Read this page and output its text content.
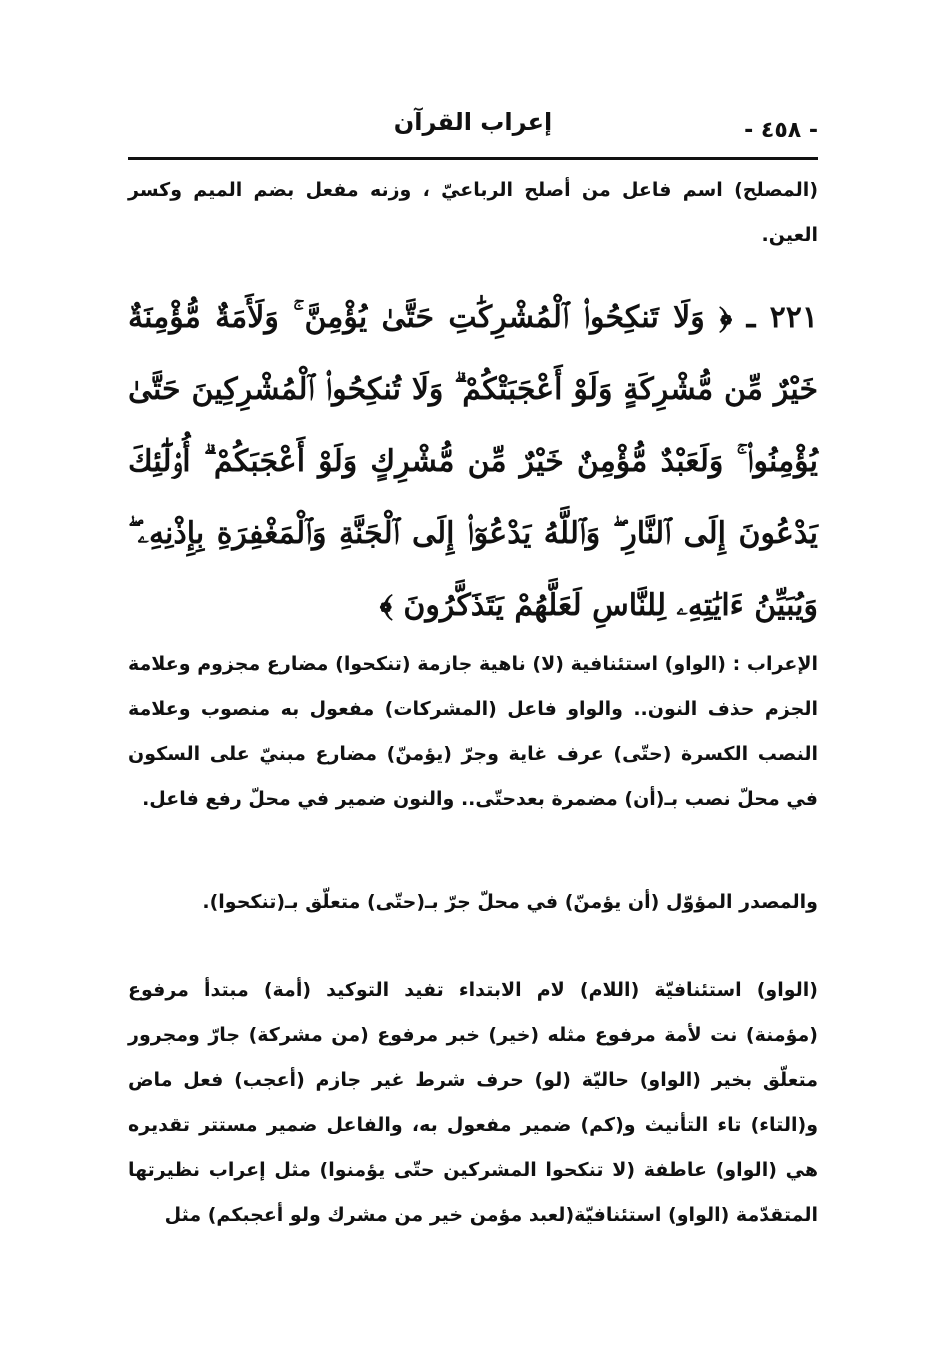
إعراب القرآن	- ٤٥٨ -

(المصلح) اسم فاعل من أصلح الرباعيّ ، وزنه مفعل بضم الميم وكسر العين.

٢٢١ ـ ﴿ وَلَا تَنكِحُوا۟ ٱلْمُشْرِكَٰتِ حَتَّىٰ يُؤْمِنَّ ۚ وَلَأَمَةٌ مُّؤْمِنَةٌ خَيْرٌ مِّن مُّشْرِكَةٍ وَلَوْ أَعْجَبَتْكُمْ ۗ وَلَا تُنكِحُوا۟ ٱلْمُشْرِكِينَ حَتَّىٰ يُؤْمِنُوا۟ ۚ وَلَعَبْدٌ مُّؤْمِنٌ خَيْرٌ مِّن مُّشْرِكٍ وَلَوْ أَعْجَبَكُمْ ۗ أُو۟لَٰٓئِكَ يَدْعُونَ إِلَى ٱلنَّارِ ۖ وَٱللَّهُ يَدْعُوٓا۟ إِلَى ٱلْجَنَّةِ وَٱلْمَغْفِرَةِ بِإِذْنِهِۦ ۖ وَيُبَيِّنُ ءَايَٰتِهِۦ لِلنَّاسِ لَعَلَّهُمْ يَتَذَكَّرُونَ ﴾

الإعراب : (الواو) استئنافية (لا) ناهية جازمة (تنكحوا) مضارع مجزوم وعلامة الجزم حذف النون.. والواو فاعل (المشركات) مفعول به منصوب وعلامة النصب الكسرة (حتّى) عرف غاية وجرّ (يؤمنّ) مضارع مبنيّ على السكون في محلّ نصب بـ(أن) مضمرة بعدحتّى.. والنون ضمير في محلّ رفع فاعل.

والمصدر المؤوّل (أن يؤمنّ) في محلّ جرّ بـ(حتّى) متعلّق بـ(تنكحوا).

(الواو) استئنافيّة (اللام) لام الابتداء تفيد التوكيد (أمة) مبتدأ مرفوع (مؤمنة) نت لأمة مرفوع مثله (خير) خبر مرفوع (من مشركة) جارّ ومجرور متعلّق بخير (الواو) حاليّة (لو) حرف شرط غير جازم (أعجب) فعل ماض و(التاء) تاء التأنيث و(كم) ضمير مفعول به، والفاعل ضمير مستتر تقديره هي (الواو) عاطفة (لا تنكحوا المشركين حتّى يؤمنوا) مثل إعراب نظيرتها المتقدّمة (الواو) استئنافيّة(لعبد مؤمن خير من مشرك ولو أعجبكم) مثل
